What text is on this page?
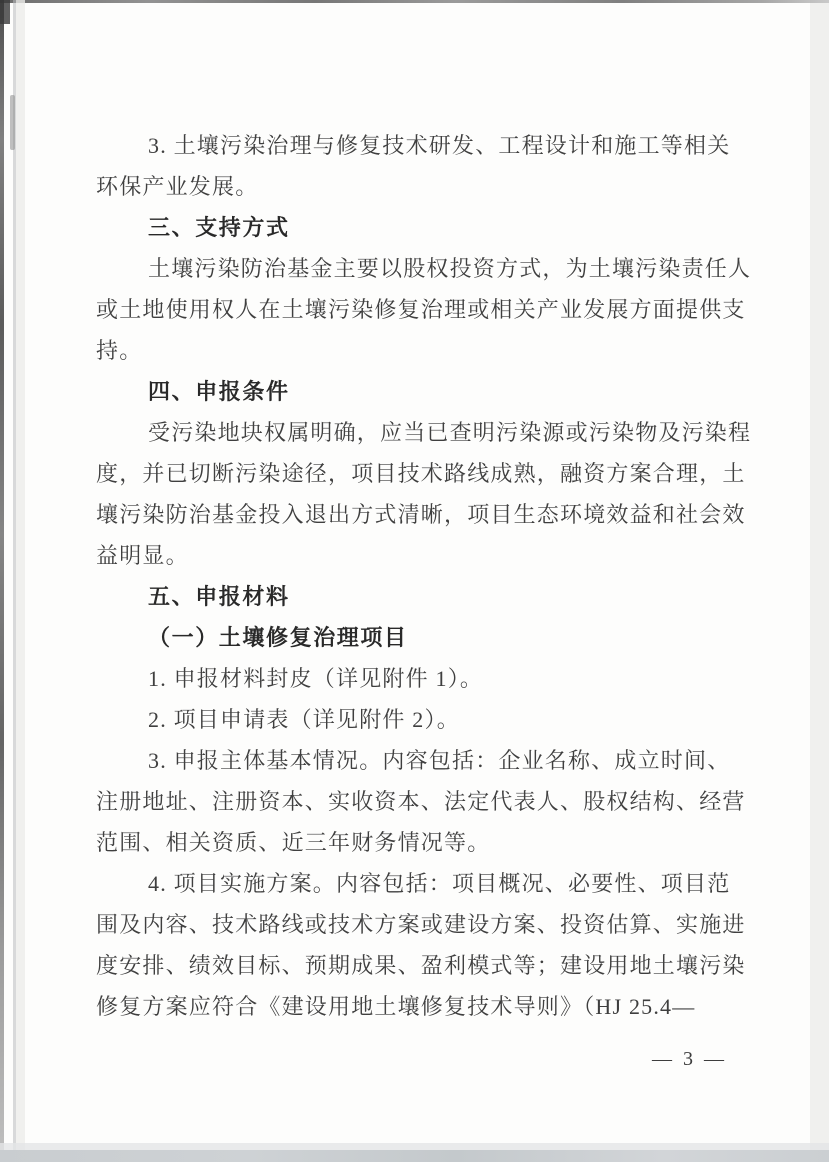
3. 土壤污染治理与修复技术研发、工程设计和施工等相关
环保产业发展。
三、支持方式
土壤污染防治基金主要以股权投资方式，为土壤污染责任人
或土地使用权人在土壤污染修复治理或相关产业发展方面提供支
持。
四、申报条件
受污染地块权属明确，应当已查明污染源或污染物及污染程
度，并已切断污染途径，项目技术路线成熟，融资方案合理，土
壤污染防治基金投入退出方式清晰，项目生态环境效益和社会效
益明显。
五、申报材料
（一）土壤修复治理项目
1. 申报材料封皮（详见附件 1）。
2. 项目申请表（详见附件 2）。
3. 申报主体基本情况。内容包括：企业名称、成立时间、
注册地址、注册资本、实收资本、法定代表人、股权结构、经营
范围、相关资质、近三年财务情况等。
4. 项目实施方案。内容包括：项目概况、必要性、项目范
围及内容、技术路线或技术方案或建设方案、投资估算、实施进
度安排、绩效目标、预期成果、盈利模式等；建设用地土壤污染
修复方案应符合《建设用地土壤修复技术导则》（HJ 25.4—
— 3 —
